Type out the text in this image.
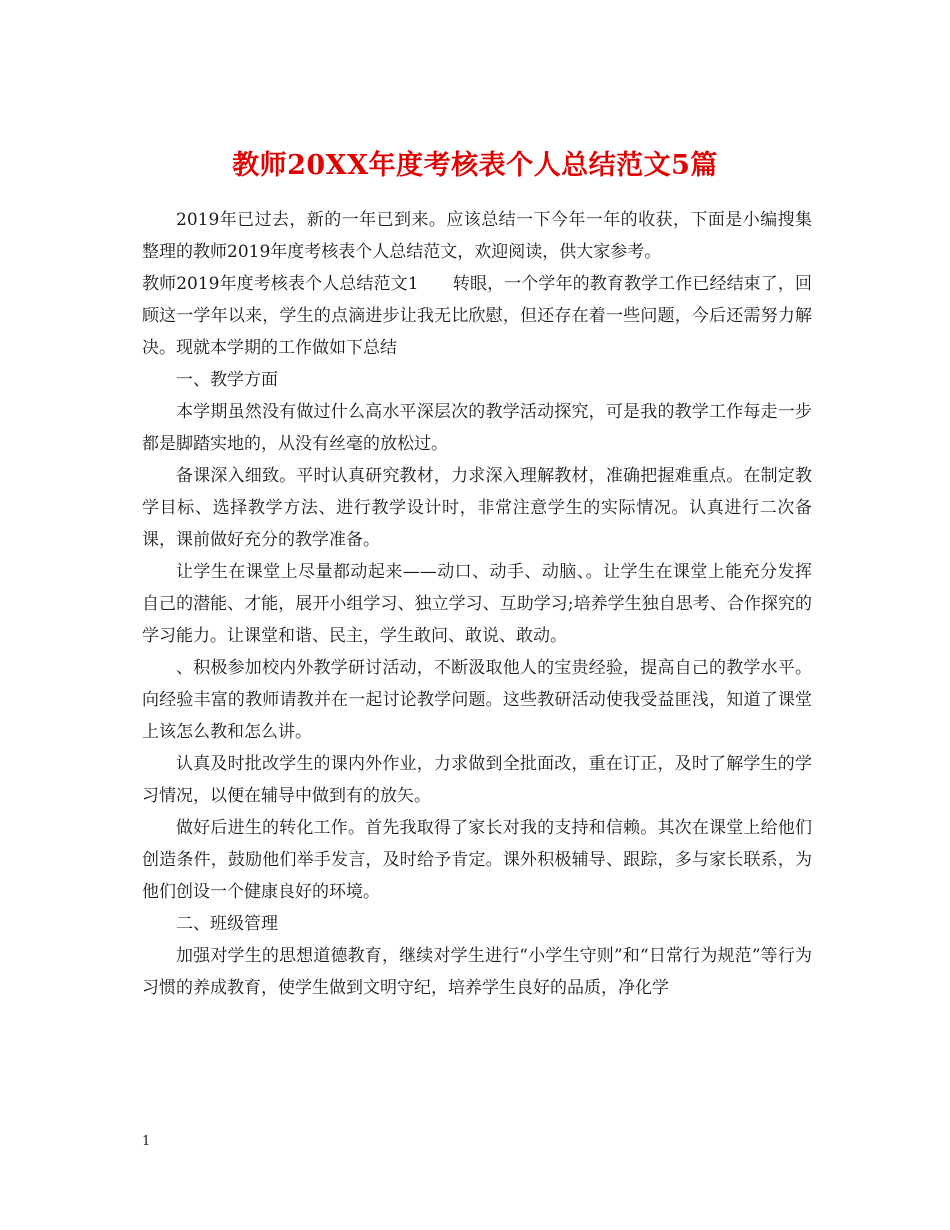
教师20XX年度考核表个人总结范文5篇

2019年已过去，新的一年已到来。应该总结一下今年一年的收获，下面是小编搜集整理的教师2019年度考核表个人总结范文，欢迎阅读，供大家参考。

教师2019年度考核表个人总结范文1　　转眼，一个学年的教育教学工作已经结束了，回顾这一学年以来，学生的点滴进步让我无比欣慰，但还存在着一些问题，今后还需努力解决。现就本学期的工作做如下总结

一、教学方面

本学期虽然没有做过什么高水平深层次的教学活动探究，可是我的教学工作每走一步都是脚踏实地的，从没有丝毫的放松过。

备课深入细致。平时认真研究教材，力求深入理解教材，准确把握难重点。在制定教学目标、选择教学方法、进行教学设计时，非常注意学生的实际情况。认真进行二次备课，课前做好充分的教学准备。

让学生在课堂上尽量都动起来——动口、动手、动脑、。让学生在课堂上能充分发挥自己的潜能、才能，展开小组学习、独立学习、互助学习;培养学生独自思考、合作探究的学习能力。让课堂和谐、民主，学生敢问、敢说、敢动。

、积极参加校内外教学研讨活动，不断汲取他人的宝贵经验，提高自己的教学水平。向经验丰富的教师请教并在一起讨论教学问题。这些教研活动使我受益匪浅，知道了课堂上该怎么教和怎么讲。

认真及时批改学生的课内外作业，力求做到全批面改，重在订正，及时了解学生的学习情况，以便在辅导中做到有的放矢。

做好后进生的转化工作。首先我取得了家长对我的支持和信赖。其次在课堂上给他们创造条件，鼓励他们举手发言，及时给予肯定。课外积极辅导、跟踪，多与家长联系，为他们创设一个健康良好的环境。

二、班级管理

加强对学生的思想道德教育，继续对学生进行“小学生守则”和“日常行为规范”等行为习惯的养成教育，使学生做到文明守纪，培养学生良好的品质，净化学

1
